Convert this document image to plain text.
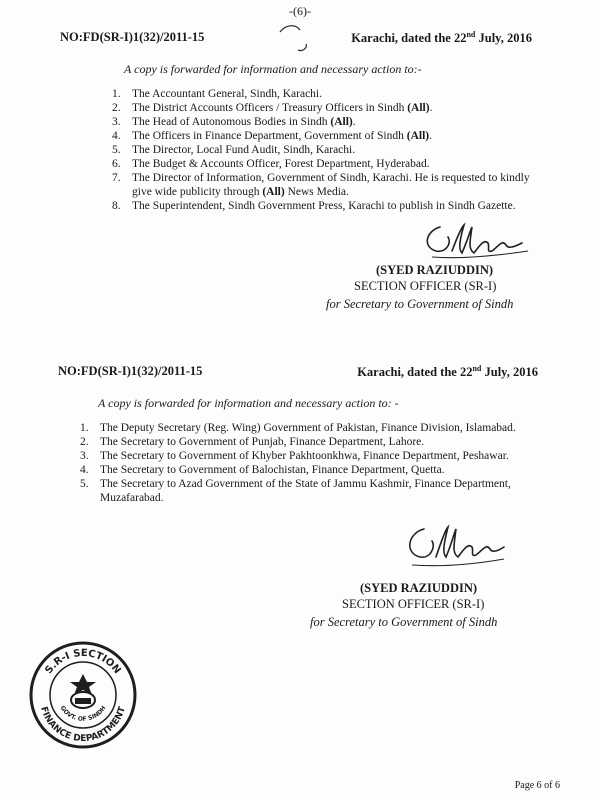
-(6)-
NO:FD(SR-I)1(32)/2011-15	Karachi, dated the 22nd July, 2016
A copy is forwarded for information and necessary action to:-
1. The Accountant General, Sindh, Karachi.
2. The District Accounts Officers / Treasury Officers in Sindh (All).
3. The Head of Autonomous Bodies in Sindh (All).
4. The Officers in Finance Department, Government of Sindh (All).
5. The Director, Local Fund Audit, Sindh, Karachi.
6. The Budget & Accounts Officer, Forest Department, Hyderabad.
7. The Director of Information, Government of Sindh, Karachi. He is requested to kindly give wide publicity through (All) News Media.
8. The Superintendent, Sindh Government Press, Karachi to publish in Sindh Gazette.
(SYED RAZIUDDIN)
SECTION OFFICER (SR-I)
for Secretary to Government of Sindh
NO:FD(SR-I)1(32)/2011-15	Karachi, dated the 22nd July, 2016
A copy is forwarded for information and necessary action to: -
1. The Deputy Secretary (Reg. Wing) Government of Pakistan, Finance Division, Islamabad.
2. The Secretary to Government of Punjab, Finance Department, Lahore.
3. The Secretary to Government of Khyber Pakhtoonkhwa, Finance Department, Peshawar.
4. The Secretary to Government of Balochistan, Finance Department, Quetta.
5. The Secretary to Azad Government of the State of Jammu Kashmir, Finance Department, Muzafarabad.
(SYED RAZIUDDIN)
SECTION OFFICER (SR-I)
for Secretary to Government of Sindh
S.R-I SECTION
FINANCE DEPARTMENT
GOVT. OF SINDH
Page 6 of 6
